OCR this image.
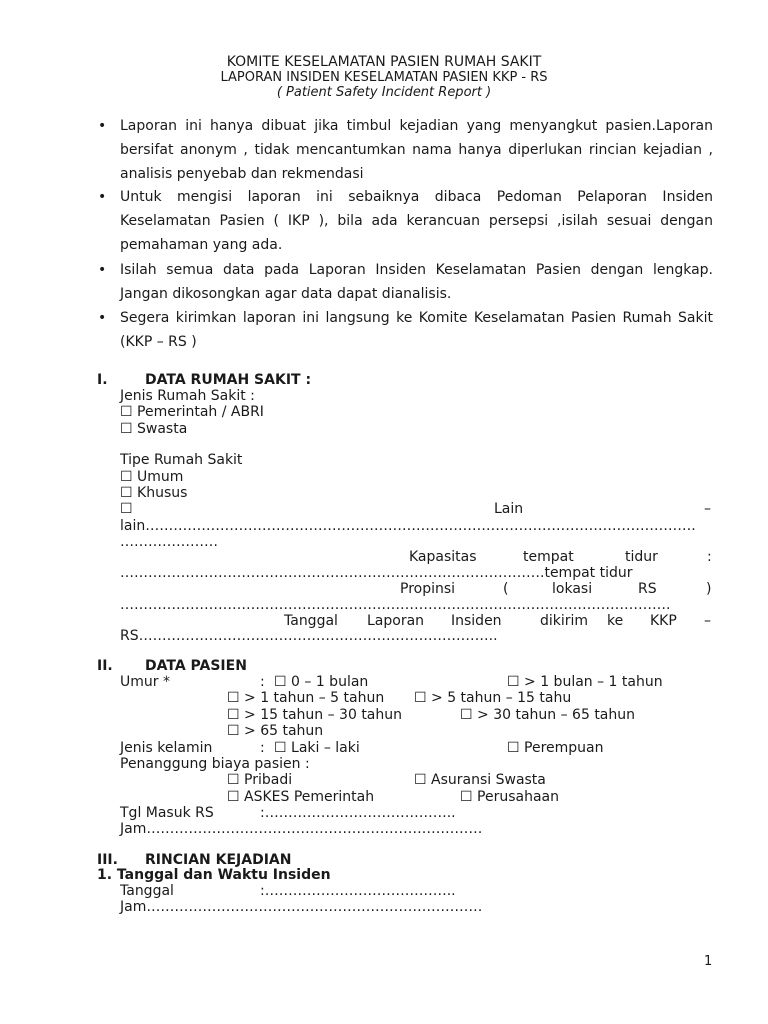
KOMITE KESELAMATAN PASIEN RUMAH SAKIT
LAPORAN INSIDEN KESELAMATAN PASIEN KKP - RS
( Patient Safety Incident Report )
• Laporan ini hanya dibuat jika timbul kejadian yang menyangkut pasien.Laporan bersifat anonym , tidak mencantumkan nama hanya diperlukan rincian kejadian , analisis penyebab dan rekmendasi
• Untuk mengisi laporan ini sebaiknya dibaca Pedoman Pelaporan Insiden Keselamatan Pasien ( IKP ), bila ada kerancuan persepsi ,isilah sesuai dengan pemahaman yang ada.
• Isilah semua data pada Laporan Insiden Keselamatan Pasien dengan lengkap. Jangan dikosongkan agar data dapat dianalisis.
• Segera kirimkan laporan ini langsung ke Komite Keselamatan Pasien Rumah Sakit (KKP – RS )
I.	DATA RUMAH SAKIT :
Jenis Rumah Sakit :
☐ Pemerintah / ABRI
☐ Swasta
Tipe Rumah Sakit
☐ Umum
☐ Khusus
☐	Lain	–
lain……………………………………………………………………………………………………….
…………………
Kapasitas	tempat	tidur	:
……………………………………………………………………………….tempat tidur
Propinsi	(	lokasi	RS	)
……………………………………………………………………………………………………….
Tanggal Laporan Insiden	dikirim ke KKP –
RS…………………………………………………………………..
II. DATA PASIEN
Umur *	: ☐ 0 – 1 bulan	☐ > 1 bulan – 1 tahun
☐ > 1 tahun – 5 tahun ☐ > 5 tahun – 15 tahu
☐ > 15 tahun – 30 tahun	☐ > 30 tahun – 65 tahun
☐ > 65 tahun
Jenis kelamin	: ☐ Laki – laki	☐ Perempuan
Penanggung biaya pasien :
☐ Pribadi	☐ Asuransi Swasta
☐ ASKES Pemerintah	☐ Perusahaan
Tgl Masuk RS	:…………………………………..
Jam………………………………………………………………
III. RINCIAN KEJADIAN
1. Tanggal dan Waktu Insiden
Tanggal	:…………………………………..
Jam………………………………………………………………
1
